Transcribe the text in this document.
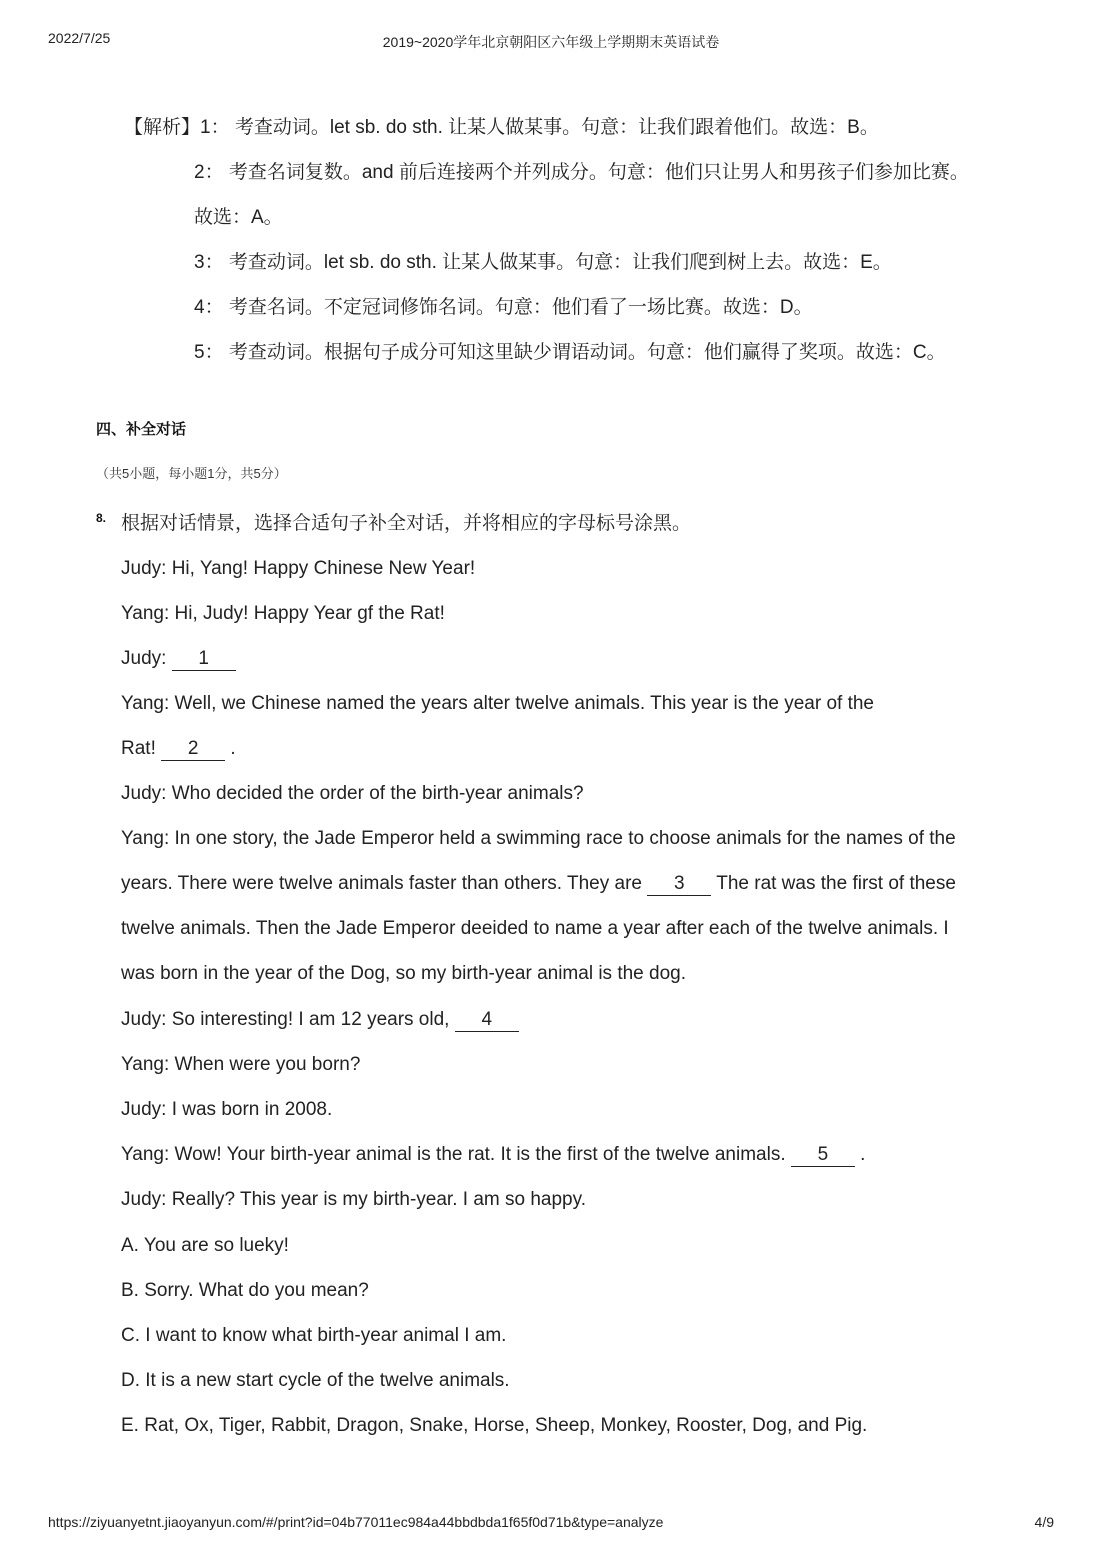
2022/7/25	2019~2020学年北京朝阳区六年级上学期期末英语试卷
【解析】1： 考查动词。let sb. do sth. 让某人做某事。句意：让我们跟着他们。故选：B。
2： 考查名词复数。and 前后连接两个并列成分。句意：他们只让男人和男孩子们参加比赛。
故选：A。
3： 考查动词。let sb. do sth. 让某人做某事。句意：让我们爬到树上去。故选：E。
4： 考查名词。不定冠词修饰名词。句意：他们看了一场比赛。故选：D。
5： 考查动词。根据句子成分可知这里缺少谓语动词。句意：他们赢得了奖项。故选：C。
四、补全对话
（共5小题，每小题1分，共5分）
8. 根据对话情景，选择合适句子补全对话，并将相应的字母标号涂黑。
Judy: Hi, Yang! Happy Chinese New Year!
Yang: Hi, Judy! Happy Year gf the Rat!
Judy: 1
Yang: Well, we Chinese named the years alter twelve animals. This year is the year of the
Rat! 2 .
Judy: Who decided the order of the birth-year animals?
Yang: In one story, the Jade Emperor held a swimming race to choose animals for the names of the
years. There were twelve animals faster than others. They are 3 The rat was the first of these
twelve animals. Then the Jade Emperor deeided to name a year after each of the twelve animals. I
was born in the year of the Dog, so my birth-year animal is the dog.
Judy: So interesting! I am 12 years old, 4
Yang: When were you born?
Judy: I was born in 2008.
Yang: Wow! Your birth-year animal is the rat. It is the first of the twelve animals. 5 .
Judy: Really? This year is my birth-year. I am so happy.
A. You are so lueky!
B. Sorry. What do you mean?
C. I want to know what birth-year animal I am.
D. It is a new start cycle of the twelve animals.
E. Rat, Ox, Tiger, Rabbit, Dragon, Snake, Horse, Sheep, Monkey, Rooster, Dog, and Pig.
https://ziyuanyetnt.jiaoyanyun.com/#/print?id=04b77011ec984a44bbdbda1f65f0d71b&type=analyze	4/9
